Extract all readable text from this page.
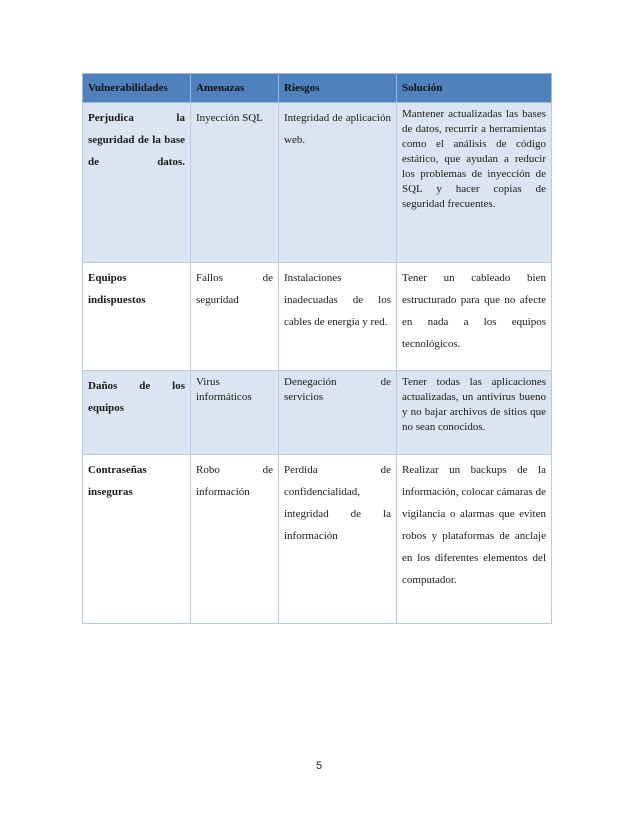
Vulnerabilidades	Amenazas	Riesgos	Solución
Perjudica la seguridad de la base de datos.	Inyección SQL	Integridad de aplicación web.	Mantener actualizadas las bases de datos, recurrir a herramientas como el análisis de código estático, que ayudan a reducir los problemas de inyección de SQL y hacer copias de seguridad frecuentes.
Equipos indispuestos	Fallos de seguridad	Instalaciones inadecuadas de los cables de energía y red.	Tener un cableado bien estructurado para que no afecte en nada a los equipos tecnológicos.
Daños de los equipos	Virus informáticos	Denegación de servicios	Tener todas las aplicaciones actualizadas, un antivirus bueno y no bajar archivos de sitios que no sean conocidos.
Contraseñas inseguras	Robo de información	Perdida de confidencialidad, integridad de la información	Realizar un backups de la información, colocar cámaras de vigilancia o alarmas que eviten robos y plataformas de anclaje en los diferentes elementos del computador.
5
